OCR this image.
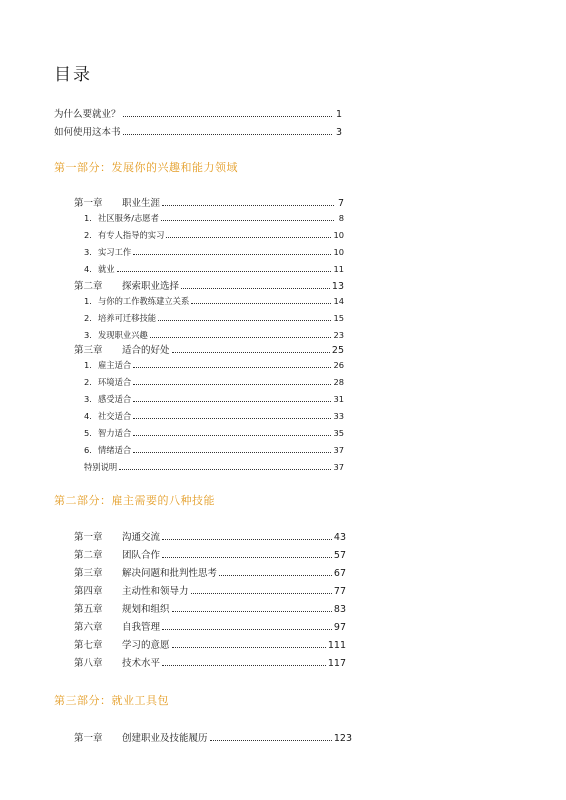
目录
为什么要就业？	1
如何使用这本书	3
第一部分：发展你的兴趣和能力领域
第一章	职业生涯	7
1. 社区服务/志愿者	8
2. 有专人指导的实习	10
3. 实习工作	10
4. 就业	11
第二章	探索职业选择	13
1. 与你的工作教练建立关系	14
2. 培养可迁移技能	15
3. 发现职业兴趣	23
第三章	适合的好处	25
1. 雇主适合	26
2. 环境适合	28
3. 感受适合	31
4. 社交适合	33
5. 智力适合	35
6. 情绪适合	37
特别说明	37
第二部分：雇主需要的八种技能
第一章	沟通交流	43
第二章	团队合作	57
第三章	解决问题和批判性思考	67
第四章	主动性和领导力	77
第五章	规划和组织	83
第六章	自我管理	97
第七章	学习的意愿	111
第八章	技术水平	117
第三部分：就业工具包
第一章	创建职业及技能履历	123
